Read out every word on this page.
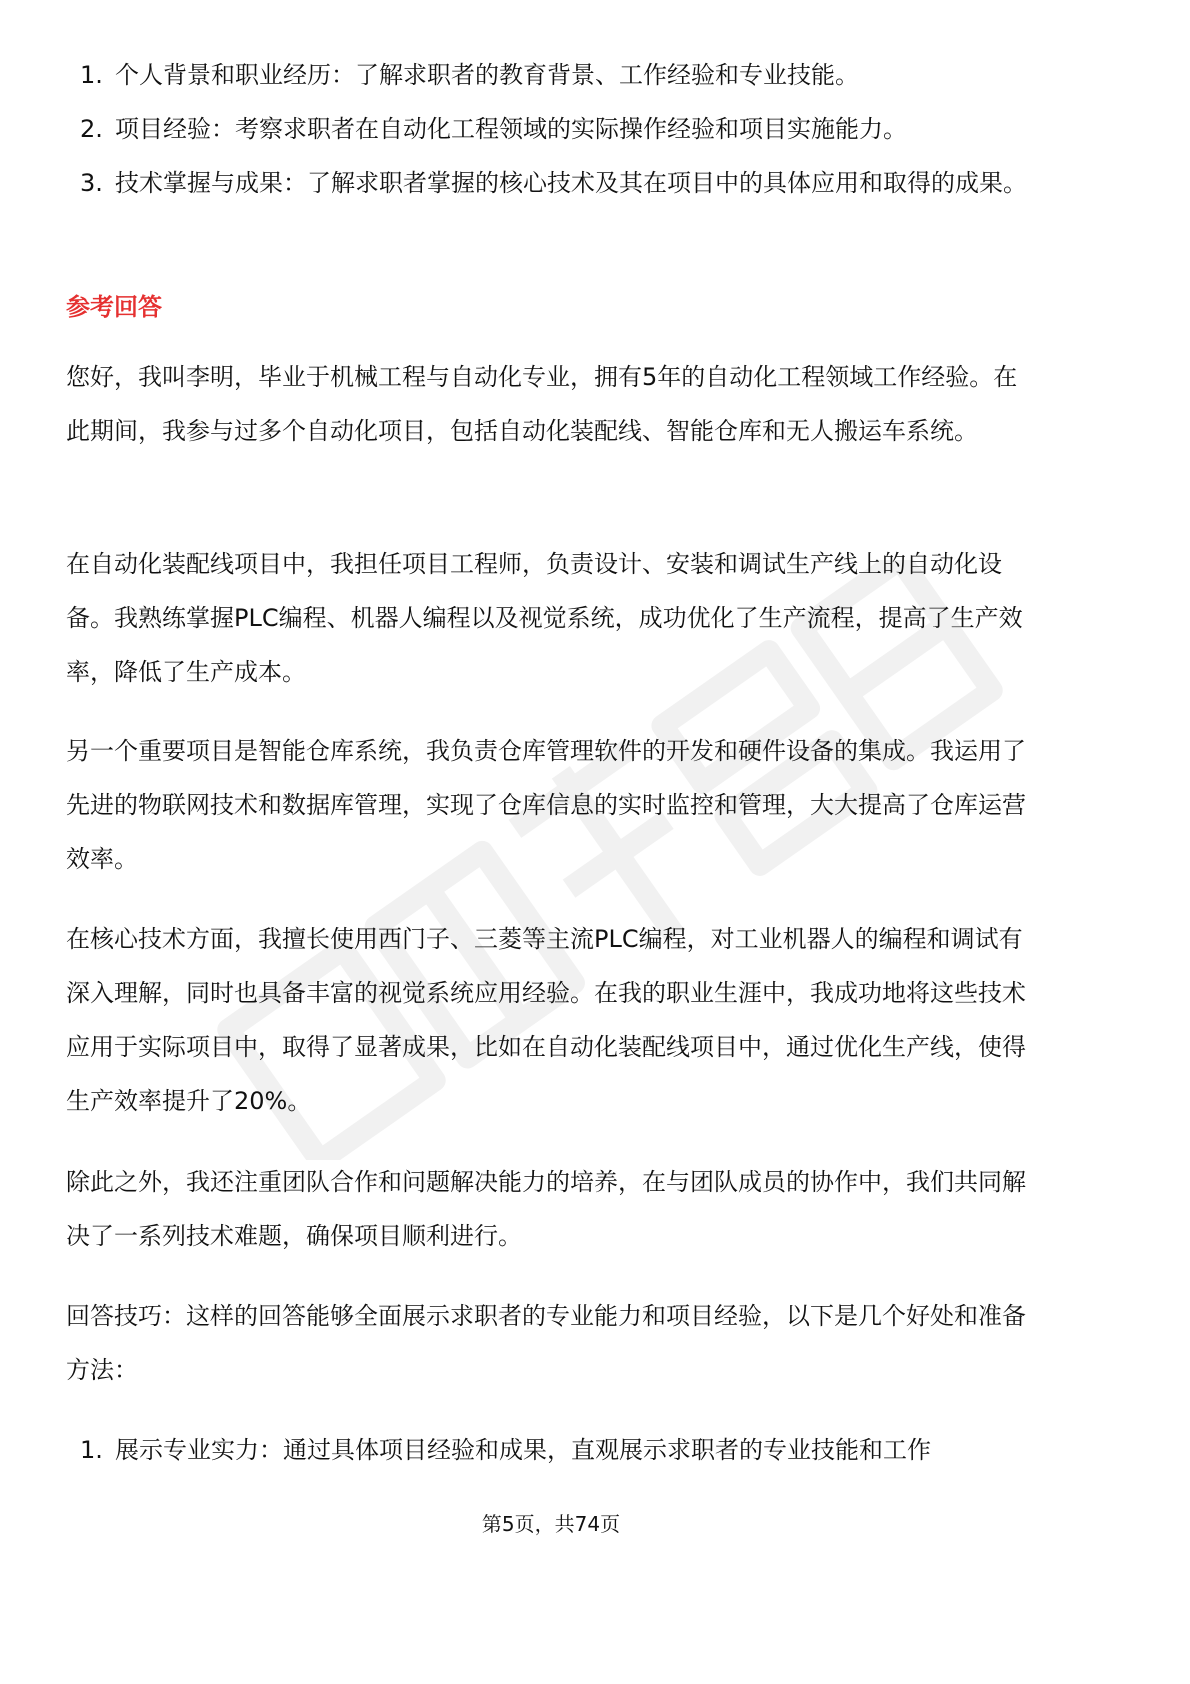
1. 个人背景和职业经历：了解求职者的教育背景、工作经验和专业技能。
2. 项目经验：考察求职者在自动化工程领域的实际操作经验和项目实施能力。
3. 技术掌握与成果：了解求职者掌握的核心技术及其在项目中的具体应用和取得的成果。
参考回答

您好，我叫李明，毕业于机械工程与自动化专业，拥有5年的自动化工程领域工作经验。在此期间，我参与过多个自动化项目，包括自动化装配线、智能仓库和无人搬运车系统。

在自动化装配线项目中，我担任项目工程师，负责设计、安装和调试生产线上的自动化设备。我熟练掌握PLC编程、机器人编程以及视觉系统，成功优化了生产流程，提高了生产效率，降低了生产成本。

另一个重要项目是智能仓库系统，我负责仓库管理软件的开发和硬件设备的集成。我运用了先进的物联网技术和数据库管理，实现了仓库信息的实时监控和管理，大大提高了仓库运营效率。

在核心技术方面，我擅长使用西门子、三菱等主流PLC编程，对工业机器人的编程和调试有深入理解，同时也具备丰富的视觉系统应用经验。在我的职业生涯中，我成功地将这些技术应用于实际项目中，取得了显著成果，比如在自动化装配线项目中，通过优化生产线，使得生产效率提升了20%。

除此之外，我还注重团队合作和问题解决能力的培养，在与团队成员的协作中，我们共同解决了一系列技术难题，确保项目顺利进行。

回答技巧：这样的回答能够全面展示求职者的专业能力和项目经验，以下是几个好处和准备方法：

1. 展示专业实力：通过具体项目经验和成果，直观展示求职者的专业技能和工作
第5页，共74页
